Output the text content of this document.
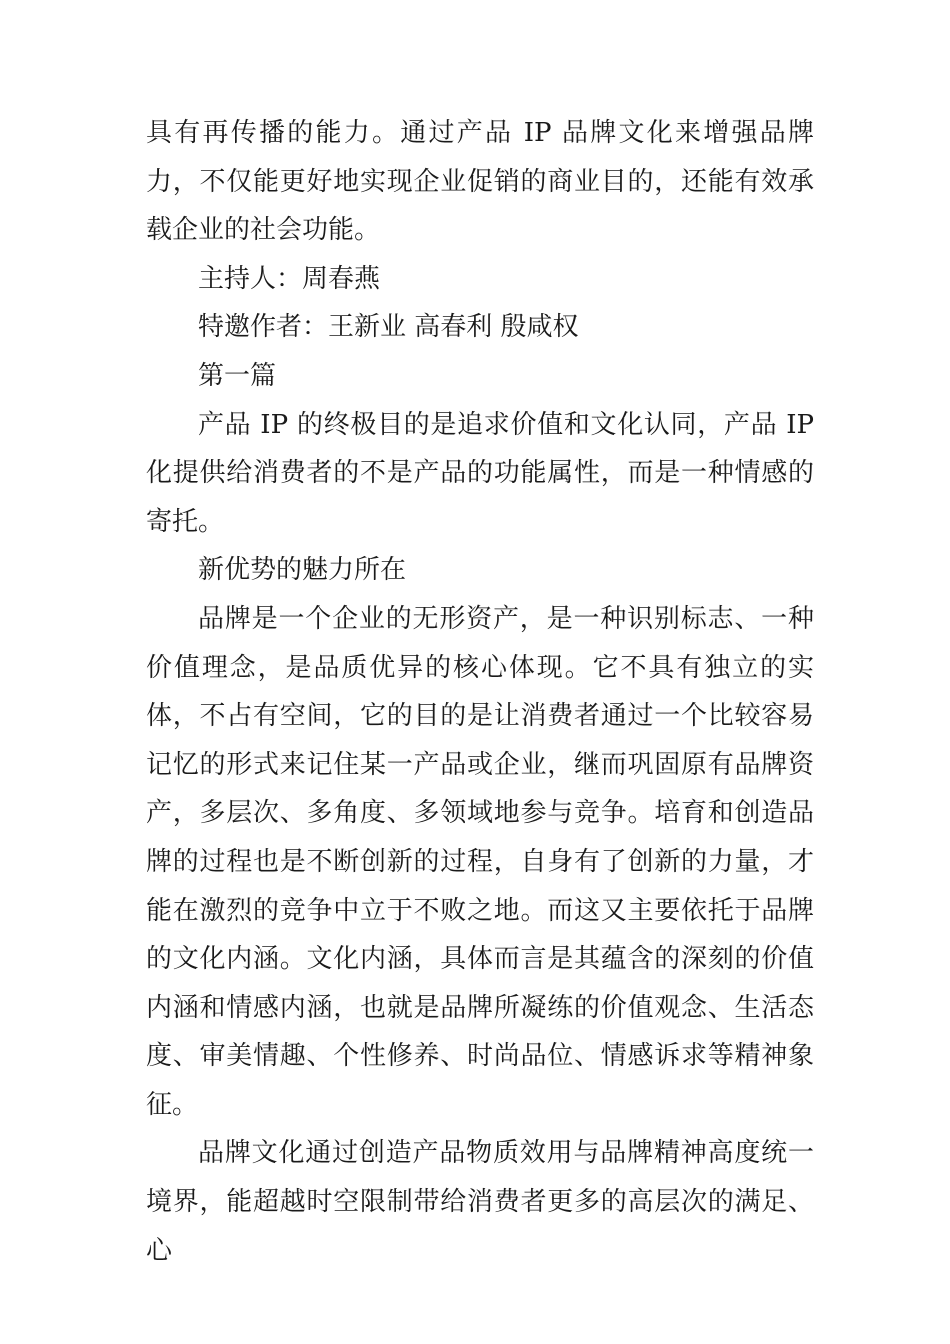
具有再传播的能力。通过产品 IP 品牌文化来增强品牌力，不仅能更好地实现企业促销的商业目的，还能有效承载企业的社会功能。

主持人：周春燕

特邀作者：王新业 高春利 殷咸权

第一篇

产品 IP 的终极目的是追求价值和文化认同，产品 IP 化提供给消费者的不是产品的功能属性，而是一种情感的寄托。

新优势的魅力所在

品牌是一个企业的无形资产，是一种识别标志、一种价值理念，是品质优异的核心体现。它不具有独立的实体，不占有空间，它的目的是让消费者通过一个比较容易记忆的形式来记住某一产品或企业，继而巩固原有品牌资产，多层次、多角度、多领域地参与竞争。培育和创造品牌的过程也是不断创新的过程，自身有了创新的力量，才能在激烈的竞争中立于不败之地。而这又主要依托于品牌的文化内涵。文化内涵，具体而言是其蕴含的深刻的价值内涵和情感内涵，也就是品牌所凝练的价值观念、生活态度、审美情趣、个性修养、时尚品位、情感诉求等精神象征。

品牌文化通过创造产品物质效用与品牌精神高度统一境界，能超越时空限制带给消费者更多的高层次的满足、心
